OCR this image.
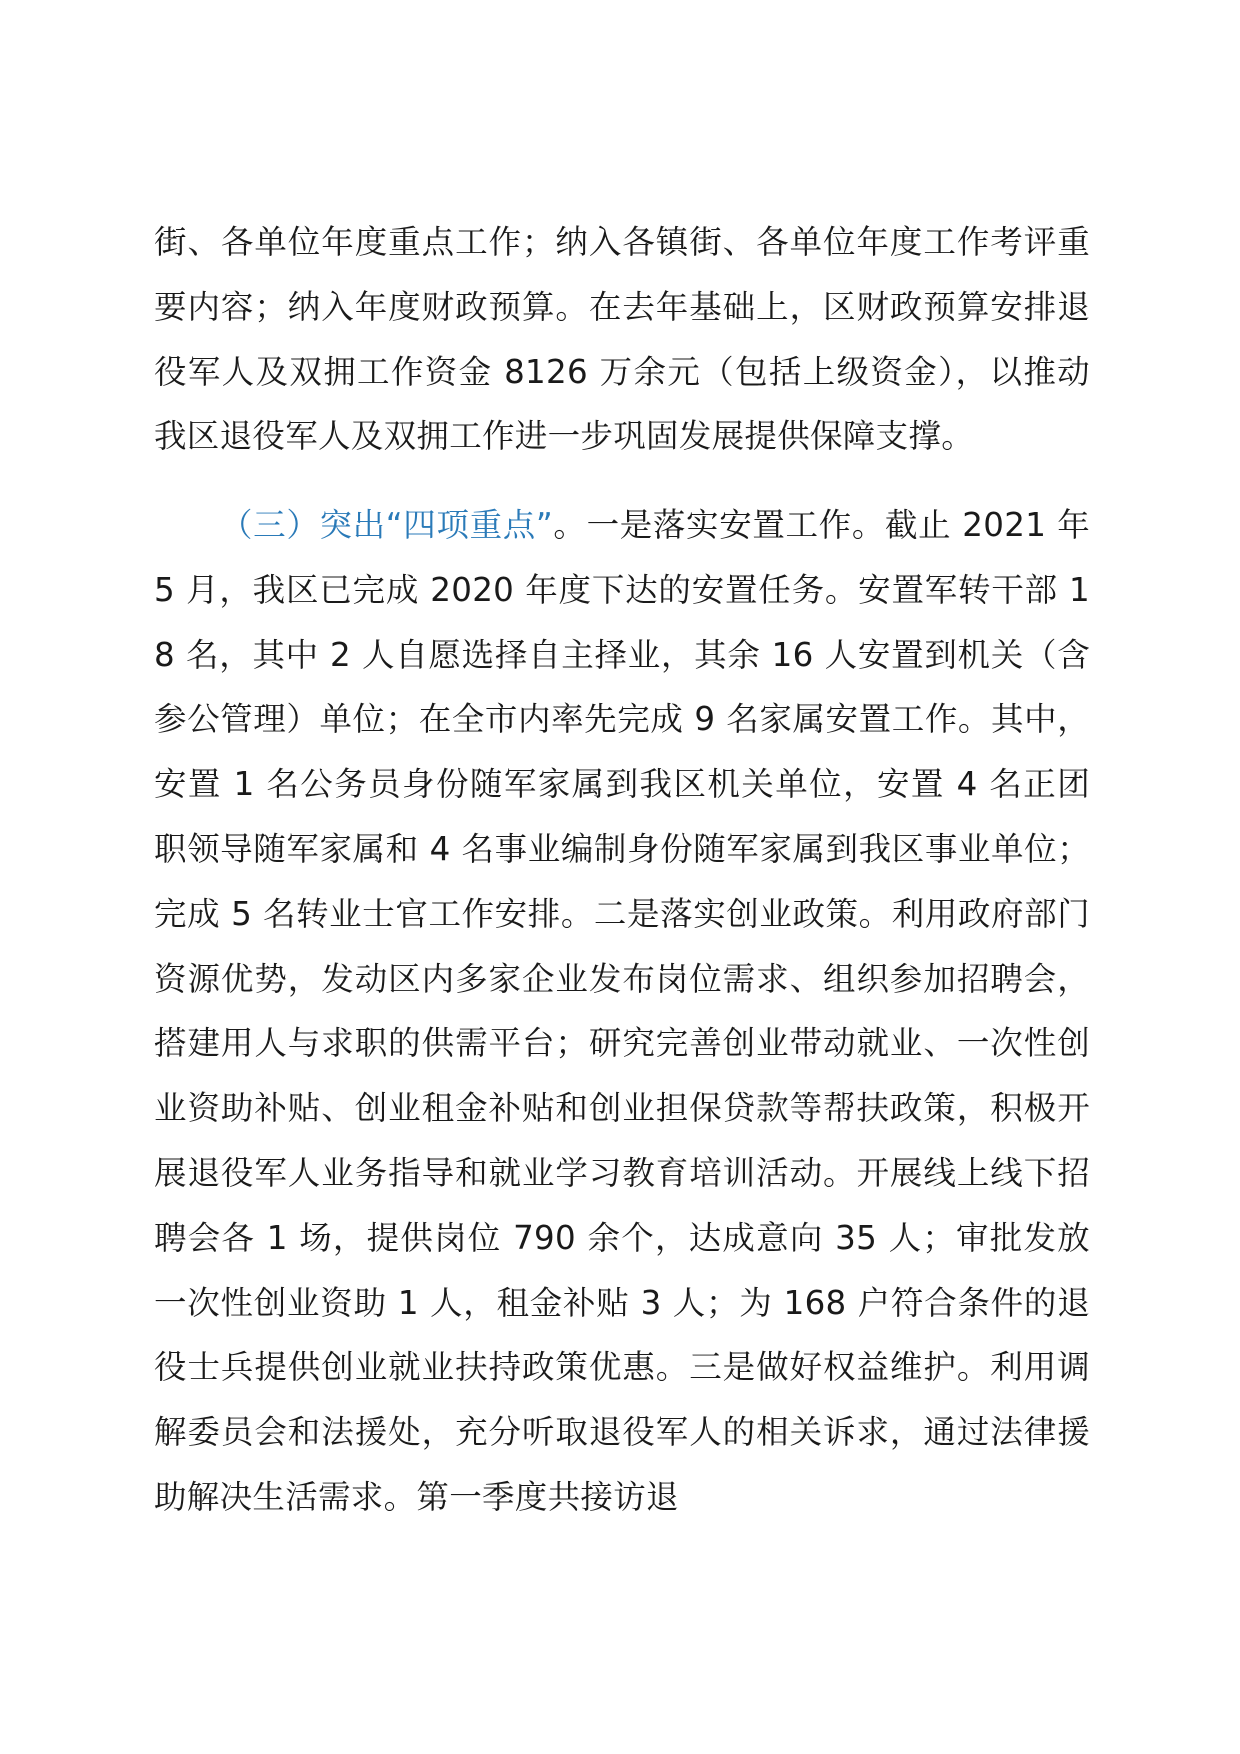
街、各单位年度重点工作；纳入各镇街、各单位年度工作考评重要内容；纳入年度财政预算。在去年基础上，区财政预算安排退役军人及双拥工作资金 8126 万余元（包括上级资金），以推动我区退役军人及双拥工作进一步巩固发展提供保障支撑。

（三）突出“四项重点”。一是落实安置工作。截止 2021 年 5 月，我区已完成 2020 年度下达的安置任务。安置军转干部 18 名，其中 2 人自愿选择自主择业，其余 16 人安置到机关（含参公管理）单位；在全市内率先完成 9 名家属安置工作。其中，安置 1 名公务员身份随军家属到我区机关单位，安置 4 名正团职领导随军家属和 4 名事业编制身份随军家属到我区事业单位；完成 5 名转业士官工作安排。二是落实创业政策。利用政府部门资源优势，发动区内多家企业发布岗位需求、组织参加招聘会，搭建用人与求职的供需平台；研究完善创业带动就业、一次性创业资助补贴、创业租金补贴和创业担保贷款等帮扶政策，积极开展退役军人业务指导和就业学习教育培训活动。开展线上线下招聘会各 1 场，提供岗位 790 余个，达成意向 35 人；审批发放一次性创业资助 1 人，租金补贴 3 人；为 168 户符合条件的退役士兵提供创业就业扶持政策优惠。三是做好权益维护。利用调解委员会和法援处，充分听取退役军人的相关诉求，通过法律援助解决生活需求。第一季度共接访退
